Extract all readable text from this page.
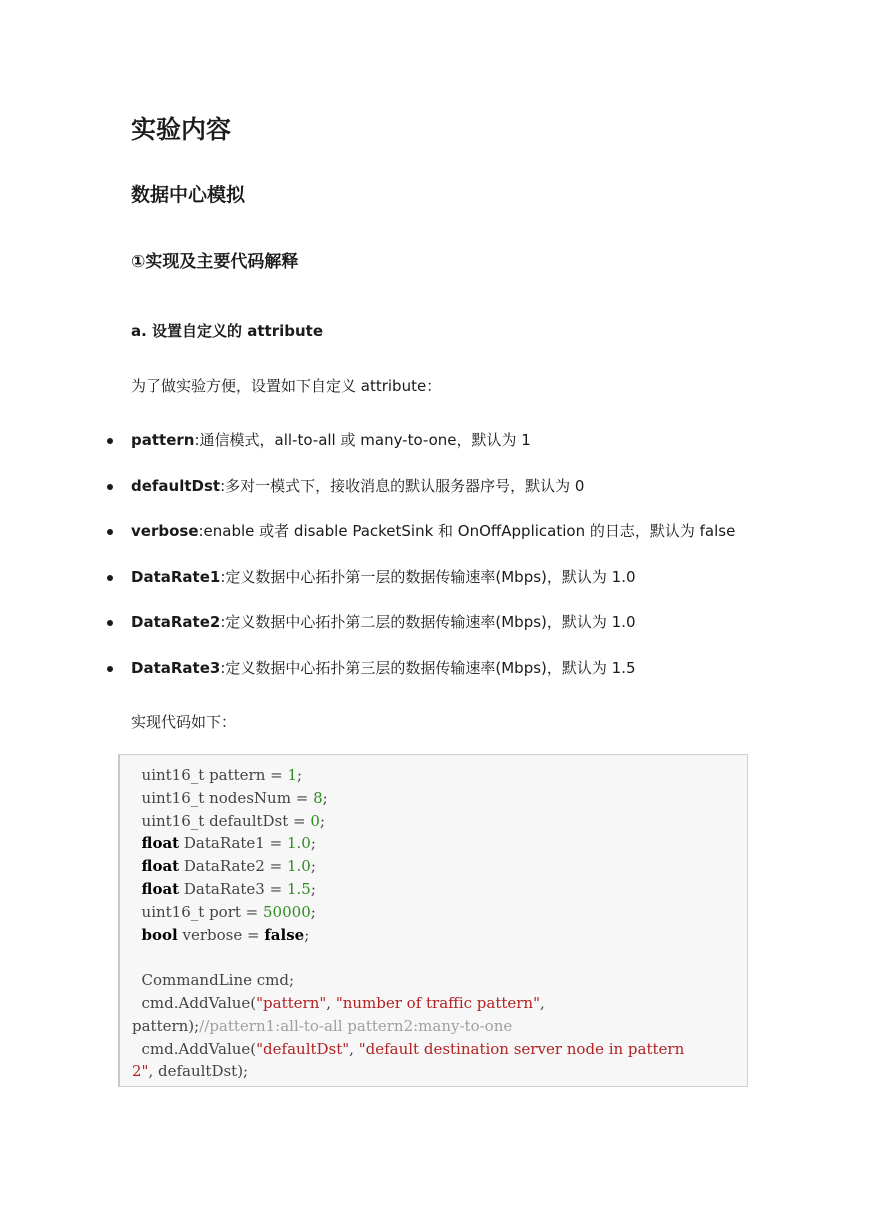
实验内容
数据中心模拟
①实现及主要代码解释
a. 设置自定义的 attribute
为了做实验方便，设置如下自定义 attribute：
pattern:通信模式，all-to-all 或 many-to-one，默认为 1
defaultDst:多对一模式下，接收消息的默认服务器序号，默认为 0
verbose:enable 或者 disable PacketSink 和 OnOffApplication 的日志，默认为 false
DataRate1:定义数据中心拓扑第一层的数据传输速率(Mbps)，默认为 1.0
DataRate2:定义数据中心拓扑第二层的数据传输速率(Mbps)，默认为 1.0
DataRate3:定义数据中心拓扑第三层的数据传输速率(Mbps)，默认为 1.5
实现代码如下：
uint16_t pattern = 1;
uint16_t nodesNum = 8;
uint16_t defaultDst = 0;
float DataRate1 = 1.0;
float DataRate2 = 1.0;
float DataRate3 = 1.5;
uint16_t port = 50000;
bool verbose = false;

CommandLine cmd;
cmd.AddValue("pattern", "number of traffic pattern",
pattern);//pattern1:all-to-all pattern2:many-to-one
cmd.AddValue("defaultDst", "default destination server node in pattern
2", defaultDst);
